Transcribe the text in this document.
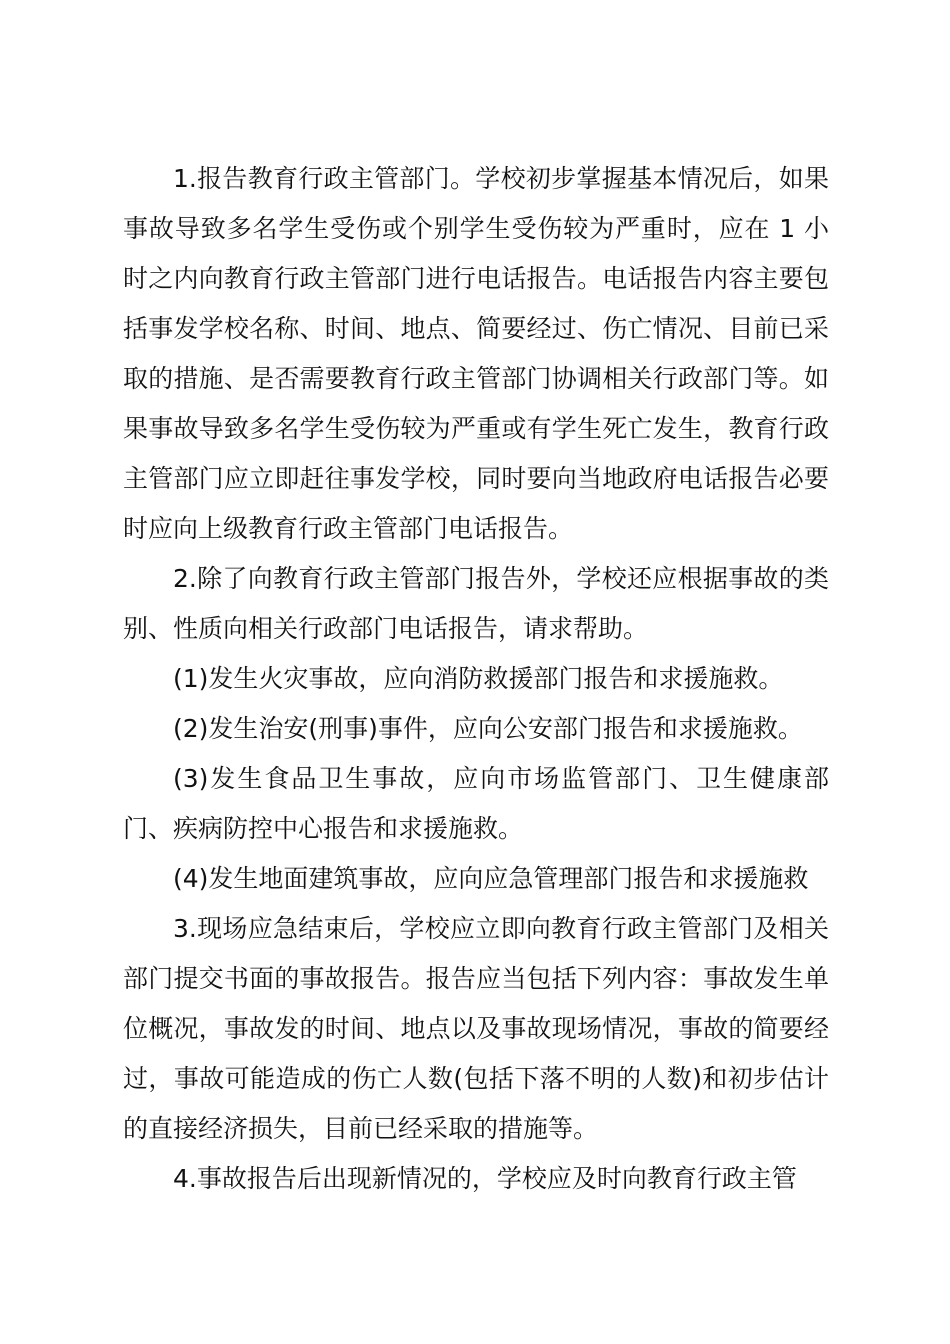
1.报告教育行政主管部门。学校初步掌握基本情况后，如果事故导致多名学生受伤或个别学生受伤较为严重时，应在 1 小时之内向教育行政主管部门进行电话报告。电话报告内容主要包括事发学校名称、时间、地点、简要经过、伤亡情况、目前已采取的措施、是否需要教育行政主管部门协调相关行政部门等。如果事故导致多名学生受伤较为严重或有学生死亡发生，教育行政主管部门应立即赶往事发学校，同时要向当地政府电话报告必要时应向上级教育行政主管部门电话报告。

2.除了向教育行政主管部门报告外，学校还应根据事故的类别、性质向相关行政部门电话报告，请求帮助。

(1)发生火灾事故，应向消防救援部门报告和求援施救。

(2)发生治安(刑事)事件，应向公安部门报告和求援施救。

(3)发生食品卫生事故，应向市场监管部门、卫生健康部门、疾病防控中心报告和求援施救。

(4)发生地面建筑事故，应向应急管理部门报告和求援施救

3.现场应急结束后，学校应立即向教育行政主管部门及相关部门提交书面的事故报告。报告应当包括下列内容：事故发生单位概况，事故发的时间、地点以及事故现场情况，事故的简要经过，事故可能造成的伤亡人数(包括下落不明的人数)和初步估计的直接经济损失，目前已经采取的措施等。

4.事故报告后出现新情况的，学校应及时向教育行政主管
